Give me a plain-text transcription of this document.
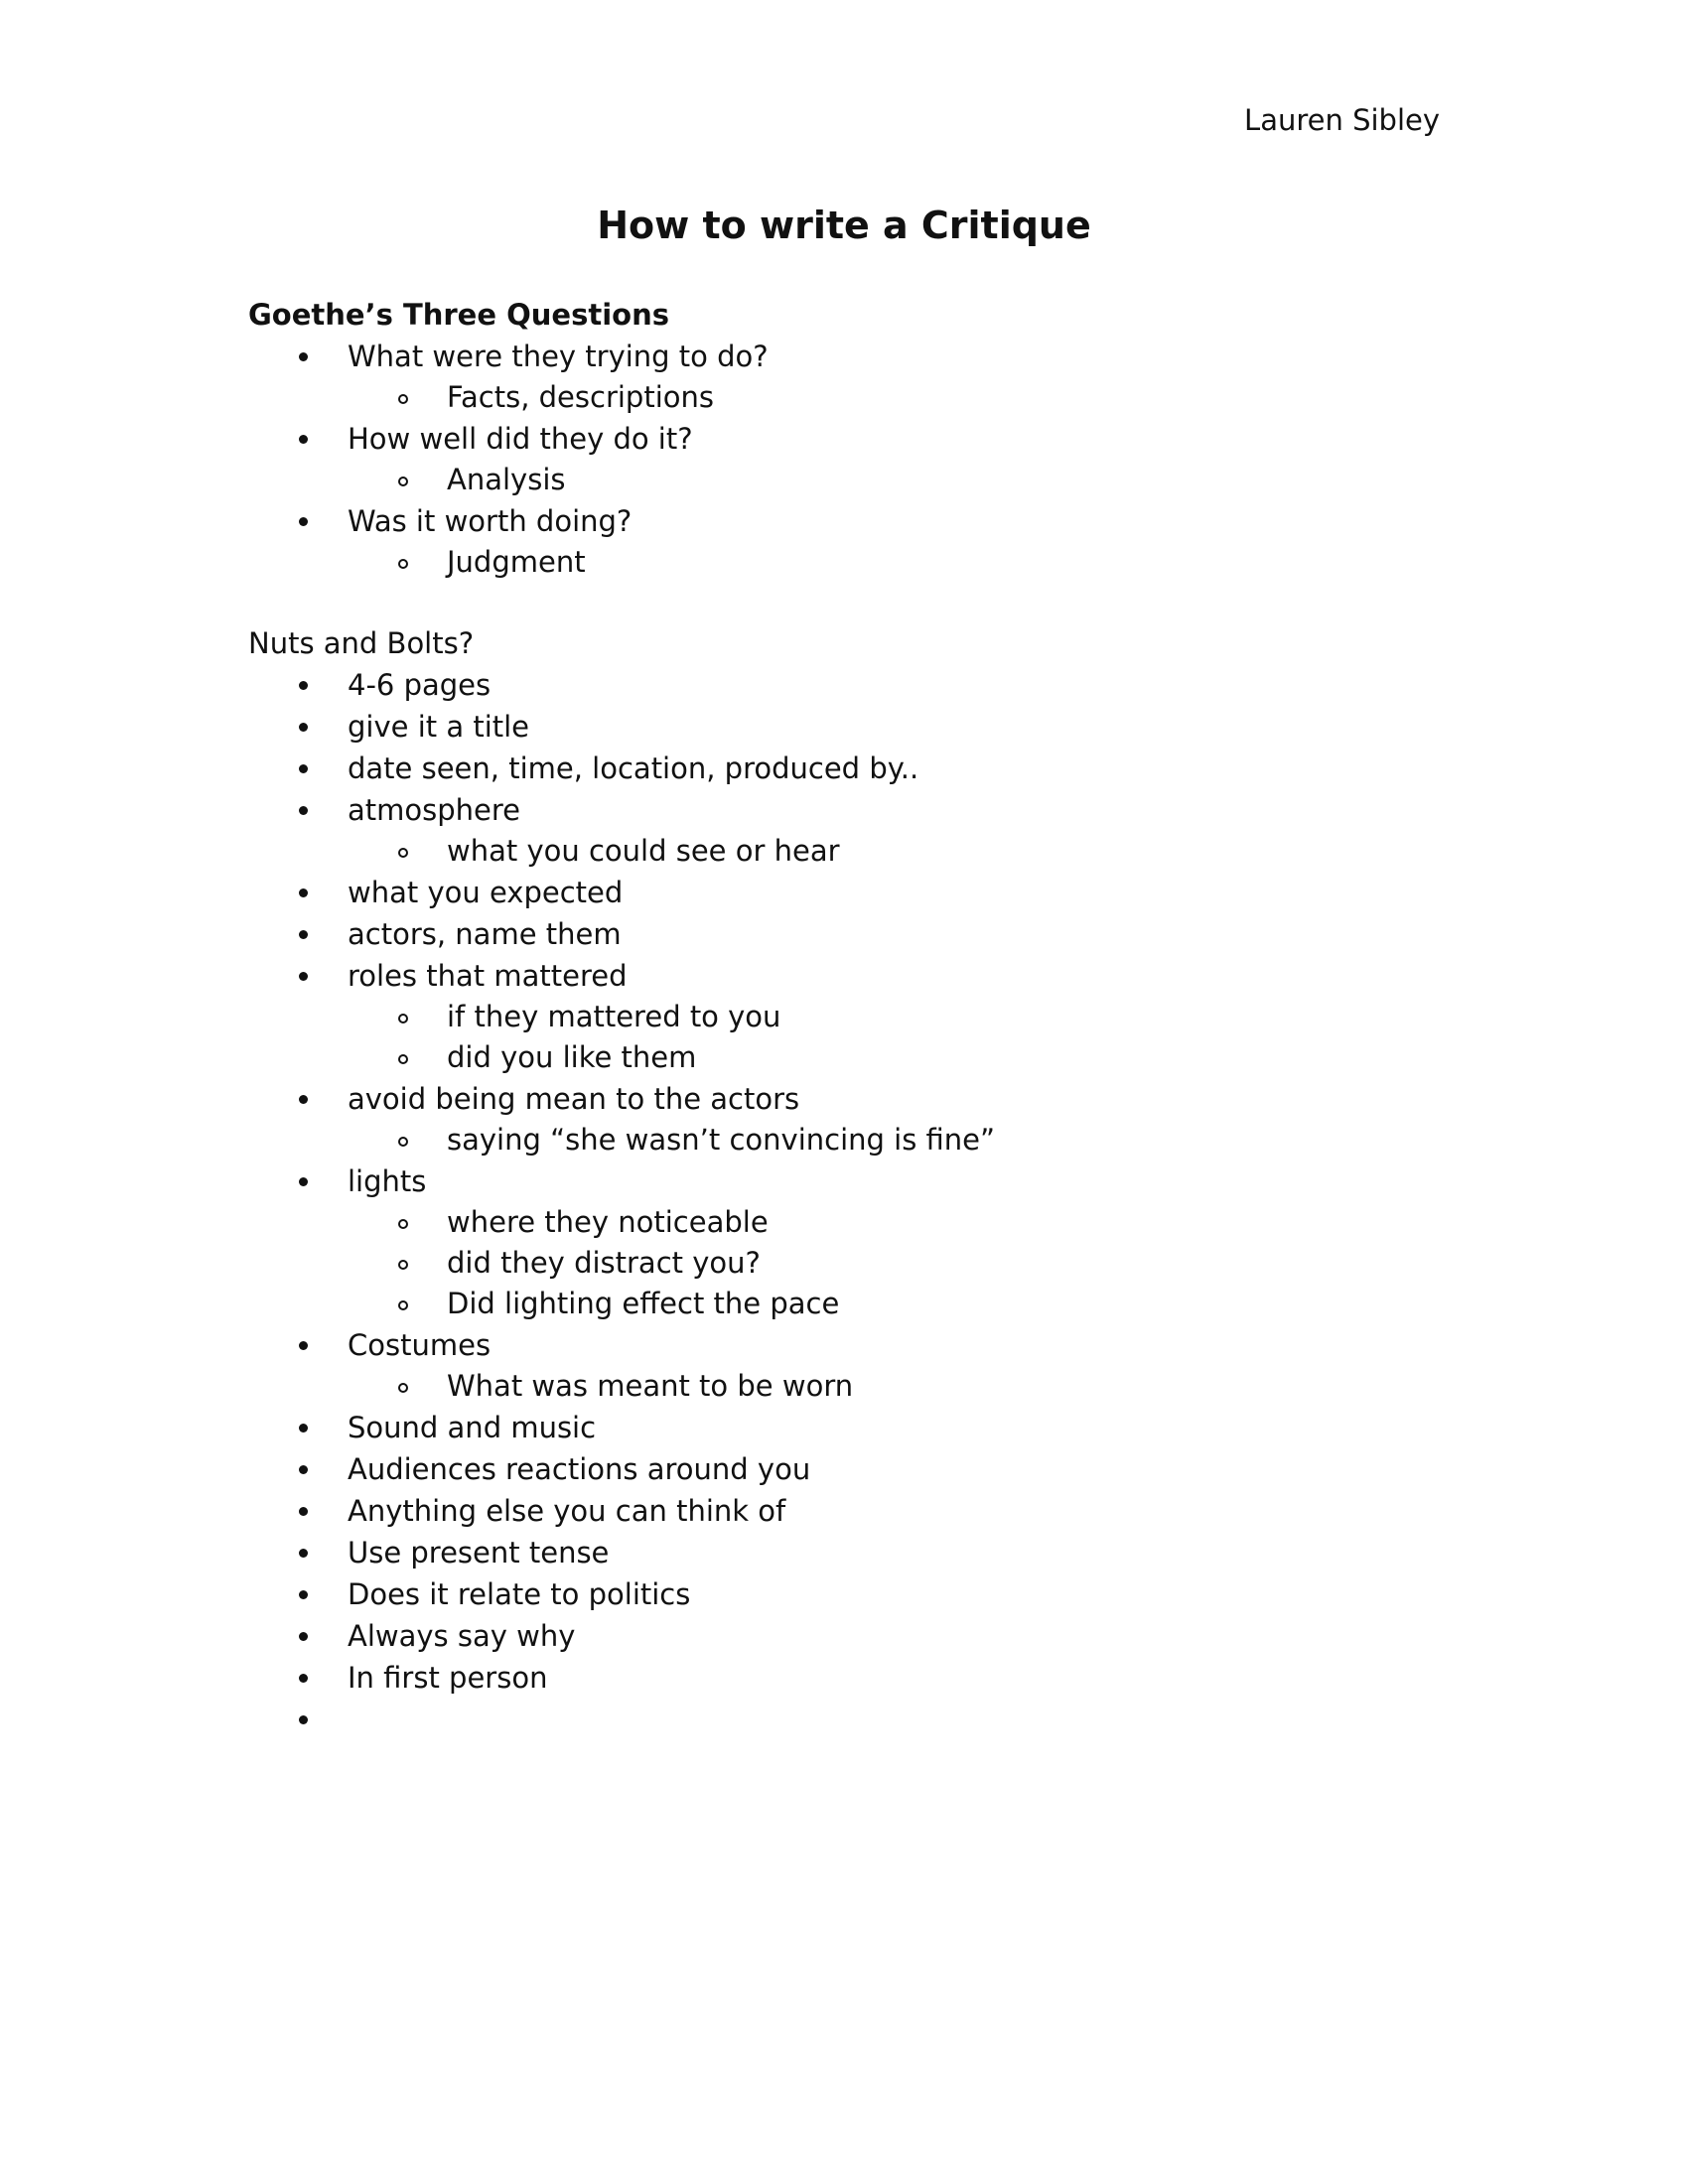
Lauren Sibley
How to write a Critique
Goethe’s Three Questions
What were they trying to do?
Facts, descriptions
How well did they do it?
Analysis
Was it worth doing?
Judgment
Nuts and Bolts?
4-6 pages
give it a title
date seen, time, location, produced by..
atmosphere
what you could see or hear
what you expected
actors, name them
roles that mattered
if they mattered to you
did you like them
avoid being mean to the actors
saying “she wasn’t convincing is fine”
lights
where they noticeable
did they distract you?
Did lighting effect the pace
Costumes
What was meant to be worn
Sound and music
Audiences reactions around you
Anything else you can think of
Use present tense
Does it relate to politics
Always say why
In first person
